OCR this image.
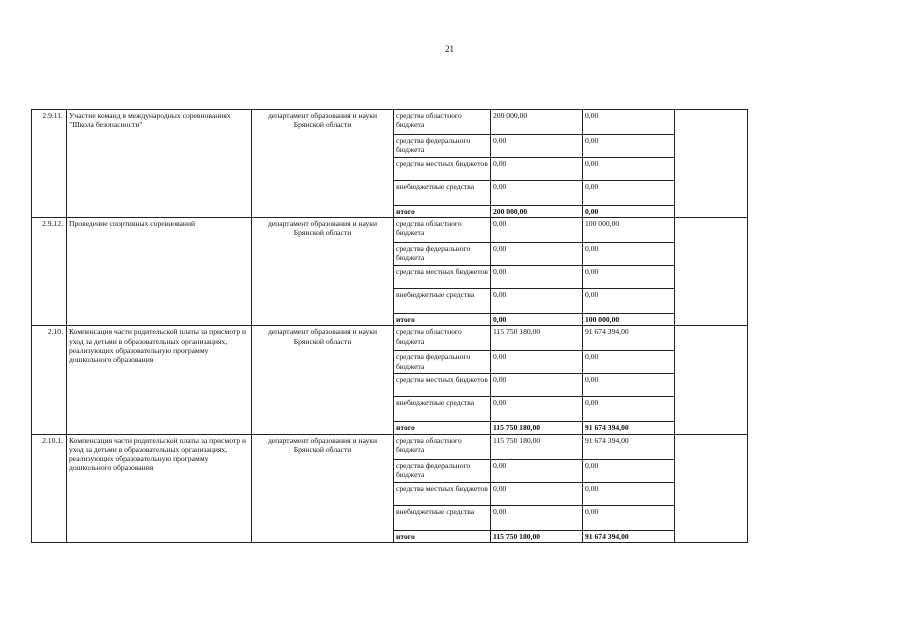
21
2.9.11.	Участие команд в международных соревнованиях "Школа безопасности"	департамент образования и науки Брянской области	средства областного бюджета	200 000,00	0,00	
			средства федерального бюджета	0,00	0,00	
			средства местных бюджетов	0,00	0,00	
			внебюджетные средства	0,00	0,00	
			итого	200 000,00	0,00	
2.9.12.	Проведение спортивных соревнований	департамент образования и науки Брянской области	средства областного бюджета	0,00	100 000,00	
			средства федерального бюджета	0,00	0,00	
			средства местных бюджетов	0,00	0,00	
			внебюджетные средства	0,00	0,00	
			итого	0,00	100 000,00	
2.10.	Компенсация части родительской платы за присмотр и уход за детьми в образовательных организациях, реализующих образовательную программу дошкольного образования	департамент образования и науки Брянской области	средства областного бюджета	115 750 180,00	91 674 394,00	
			средства федерального бюджета	0,00	0,00	
			средства местных бюджетов	0,00	0,00	
			внебюджетные средства	0,00	0,00	
			итого	115 750 180,00	91 674 394,00	
2.10.1.	Компенсация части родительской платы за присмотр и уход за детьми в образовательных организациях, реализующих образовательную программу дошкольного образования	департамент образования и науки Брянской области	средства областного бюджета	115 750 180,00	91 674 394,00	
			средства федерального бюджета	0,00	0,00	
			средства местных бюджетов	0,00	0,00	
			внебюджетные средства	0,00	0,00	
			итого	115 750 180,00	91 674 394,00	
